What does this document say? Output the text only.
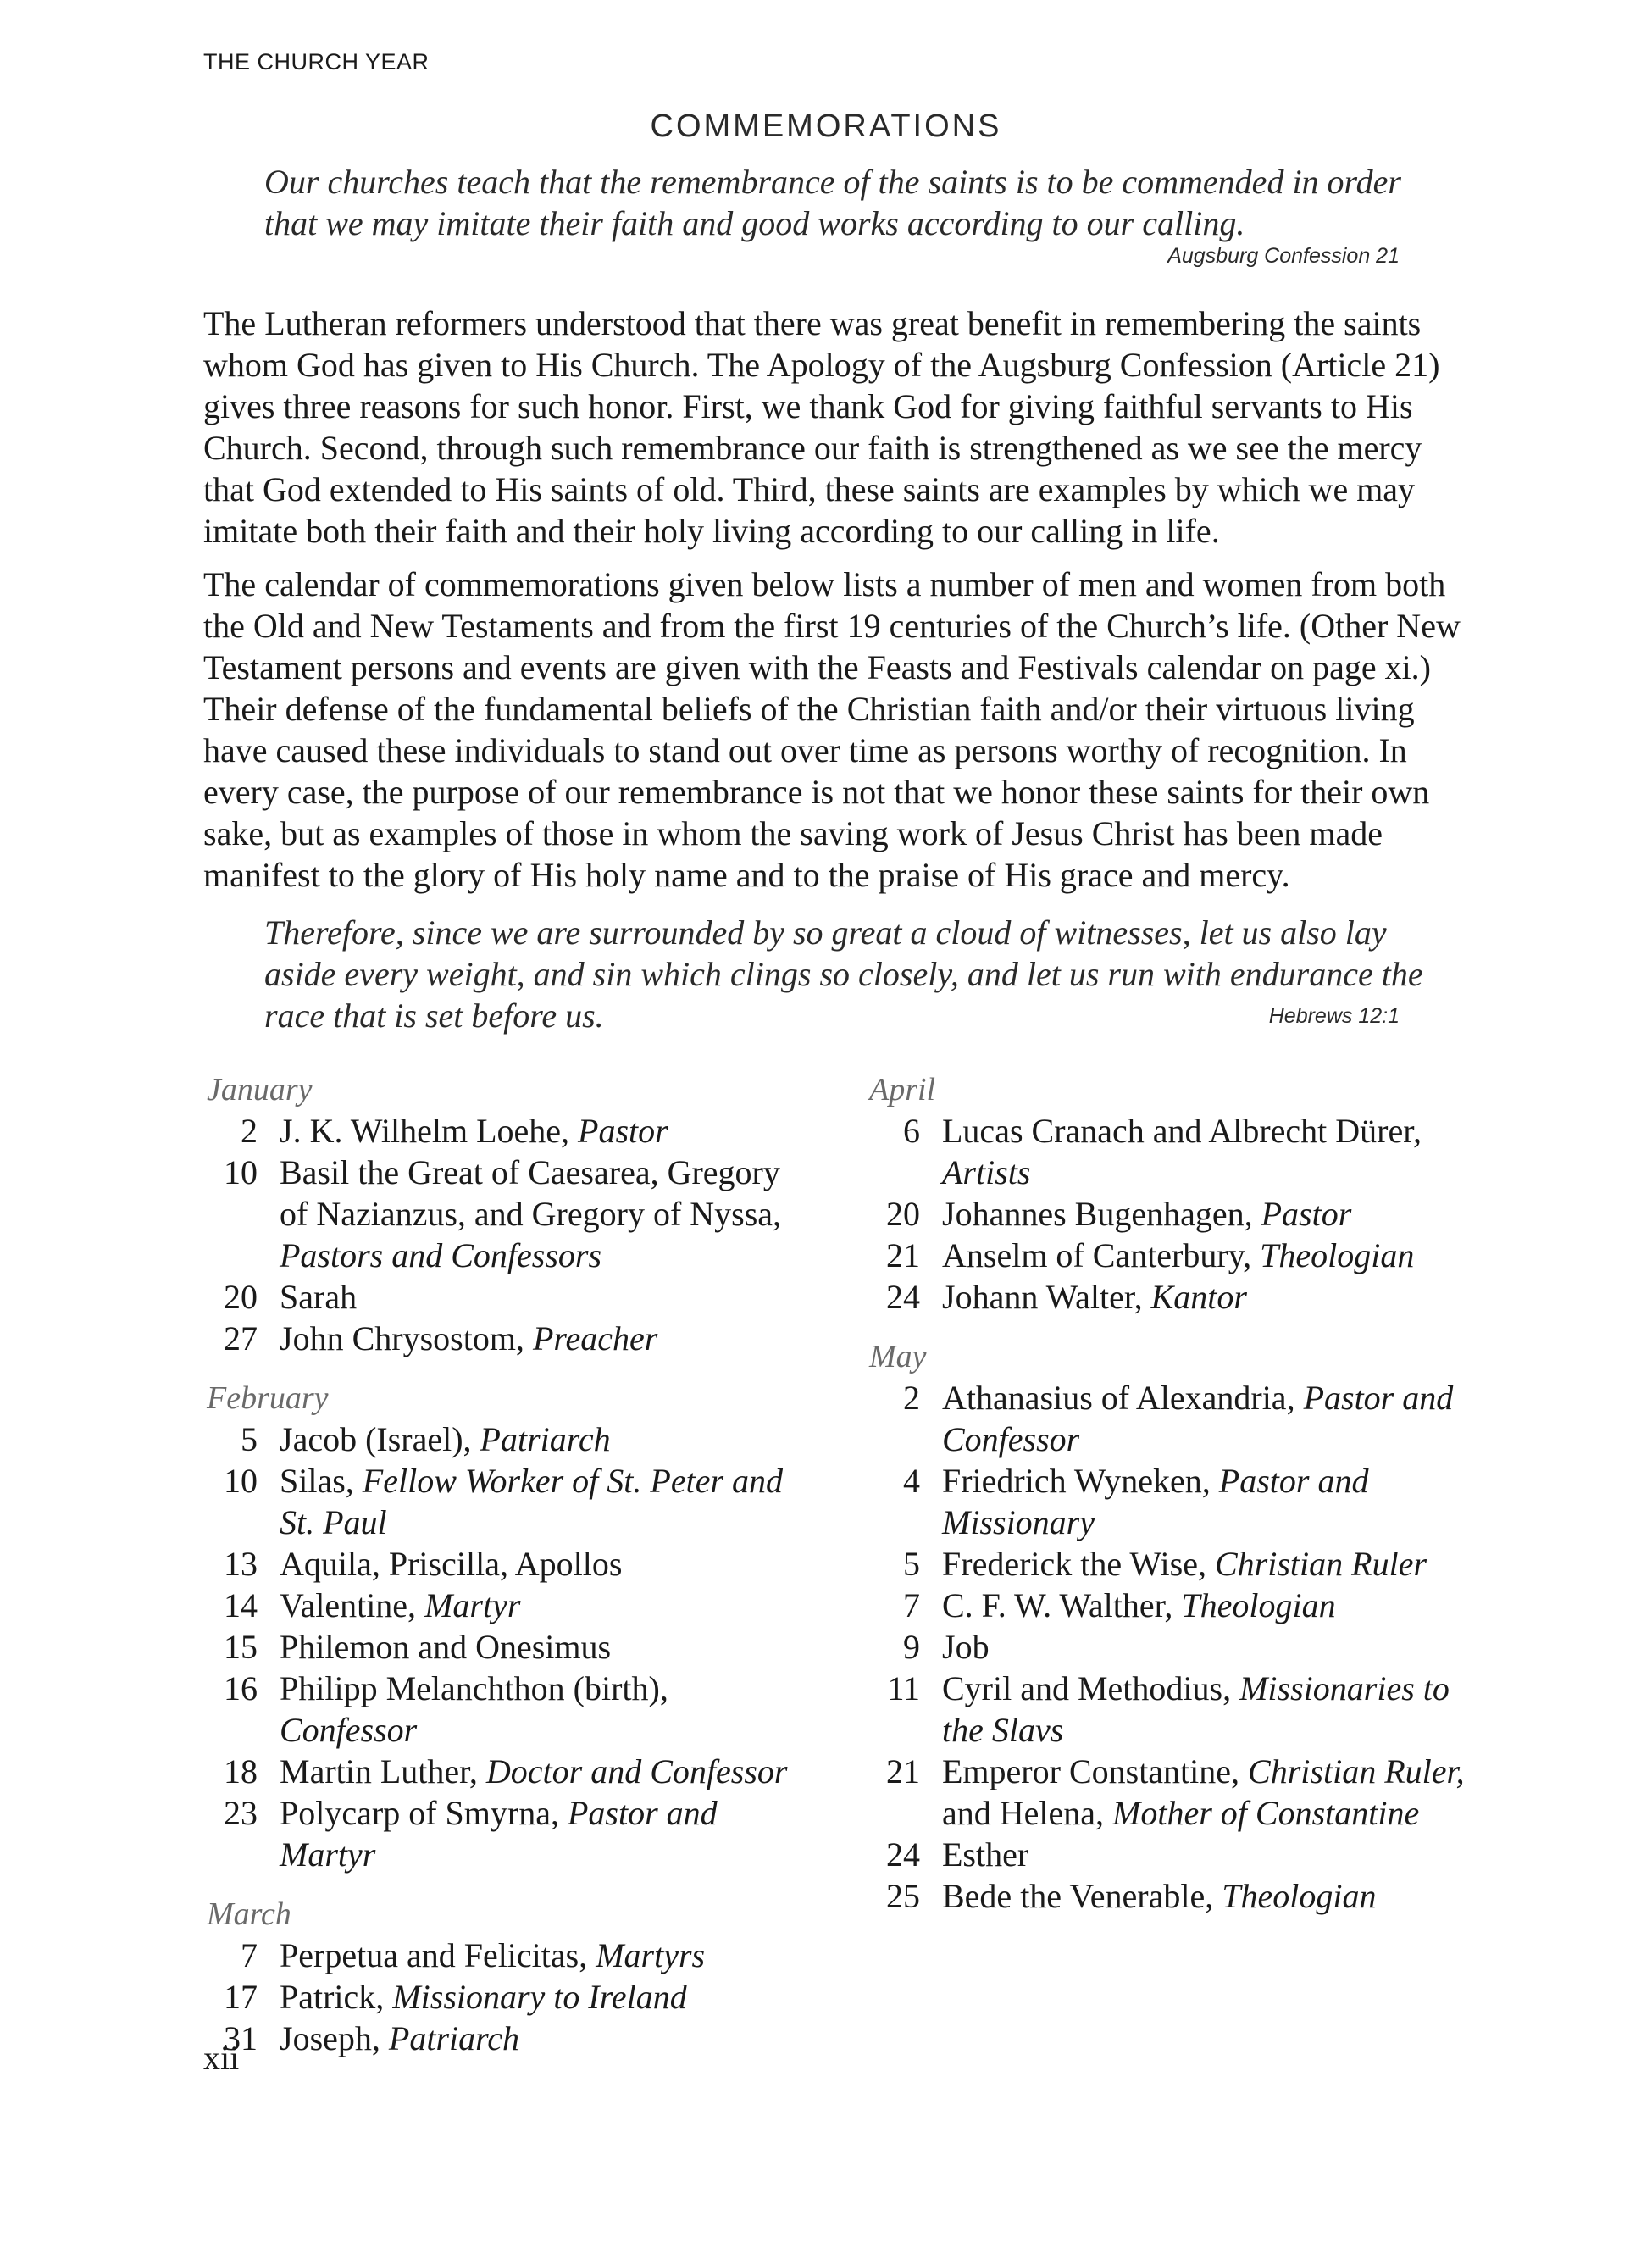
THE CHURCH YEAR
COMMEMORATIONS
Our churches teach that the remembrance of the saints is to be commended in order that we may imitate their faith and good works according to our calling.
Augsburg Confession 21

The Lutheran reformers understood that there was great benefit in remembering the saints whom God has given to His Church. The Apology of the Augsburg Confession (Article 21) gives three reasons for such honor. First, we thank God for giving faithful servants to His Church. Second, through such remembrance our faith is strengthened as we see the mercy that God extended to His saints of old. Third, these saints are examples by which we may imitate both their faith and their holy living according to our calling in life.

The calendar of commemorations given below lists a number of men and women from both the Old and New Testaments and from the first 19 centuries of the Church’s life. (Other New Testament persons and events are given with the Feasts and Festivals calendar on page xi.) Their defense of the fundamental beliefs of the Christian faith and/or their virtuous living have caused these individuals to stand out over time as persons worthy of recognition. In every case, the purpose of our remembrance is not that we honor these saints for their own sake, but as examples of those in whom the saving work of Jesus Christ has been made manifest to the glory of His holy name and to the praise of His grace and mercy.

Therefore, since we are surrounded by so great a cloud of witnesses, let us also lay aside every weight, and sin which clings so closely, and let us run with endurance the race that is set before us.	Hebrews 12:1
January
2 J. K. Wilhelm Loehe, Pastor
10 Basil the Great of Caesarea, Gregory of Nazianzus, and Gregory of Nyssa, Pastors and Confessors
20 Sarah
27 John Chrysostom, Preacher
February
5 Jacob (Israel), Patriarch
10 Silas, Fellow Worker of St. Peter and St. Paul
13 Aquila, Priscilla, Apollos
14 Valentine, Martyr
15 Philemon and Onesimus
16 Philipp Melanchthon (birth), Confessor
18 Martin Luther, Doctor and Confessor
23 Polycarp of Smyrna, Pastor and Martyr
March
7 Perpetua and Felicitas, Martyrs
17 Patrick, Missionary to Ireland
31 Joseph, Patriarch
April
6 Lucas Cranach and Albrecht Dürer, Artists
20 Johannes Bugenhagen, Pastor
21 Anselm of Canterbury, Theologian
24 Johann Walter, Kantor
May
2 Athanasius of Alexandria, Pastor and Confessor
4 Friedrich Wyneken, Pastor and Missionary
5 Frederick the Wise, Christian Ruler
7 C. F. W. Walther, Theologian
9 Job
11 Cyril and Methodius, Missionaries to the Slavs
21 Emperor Constantine, Christian Ruler, and Helena, Mother of Constantine
24 Esther
25 Bede the Venerable, Theologian
xii
